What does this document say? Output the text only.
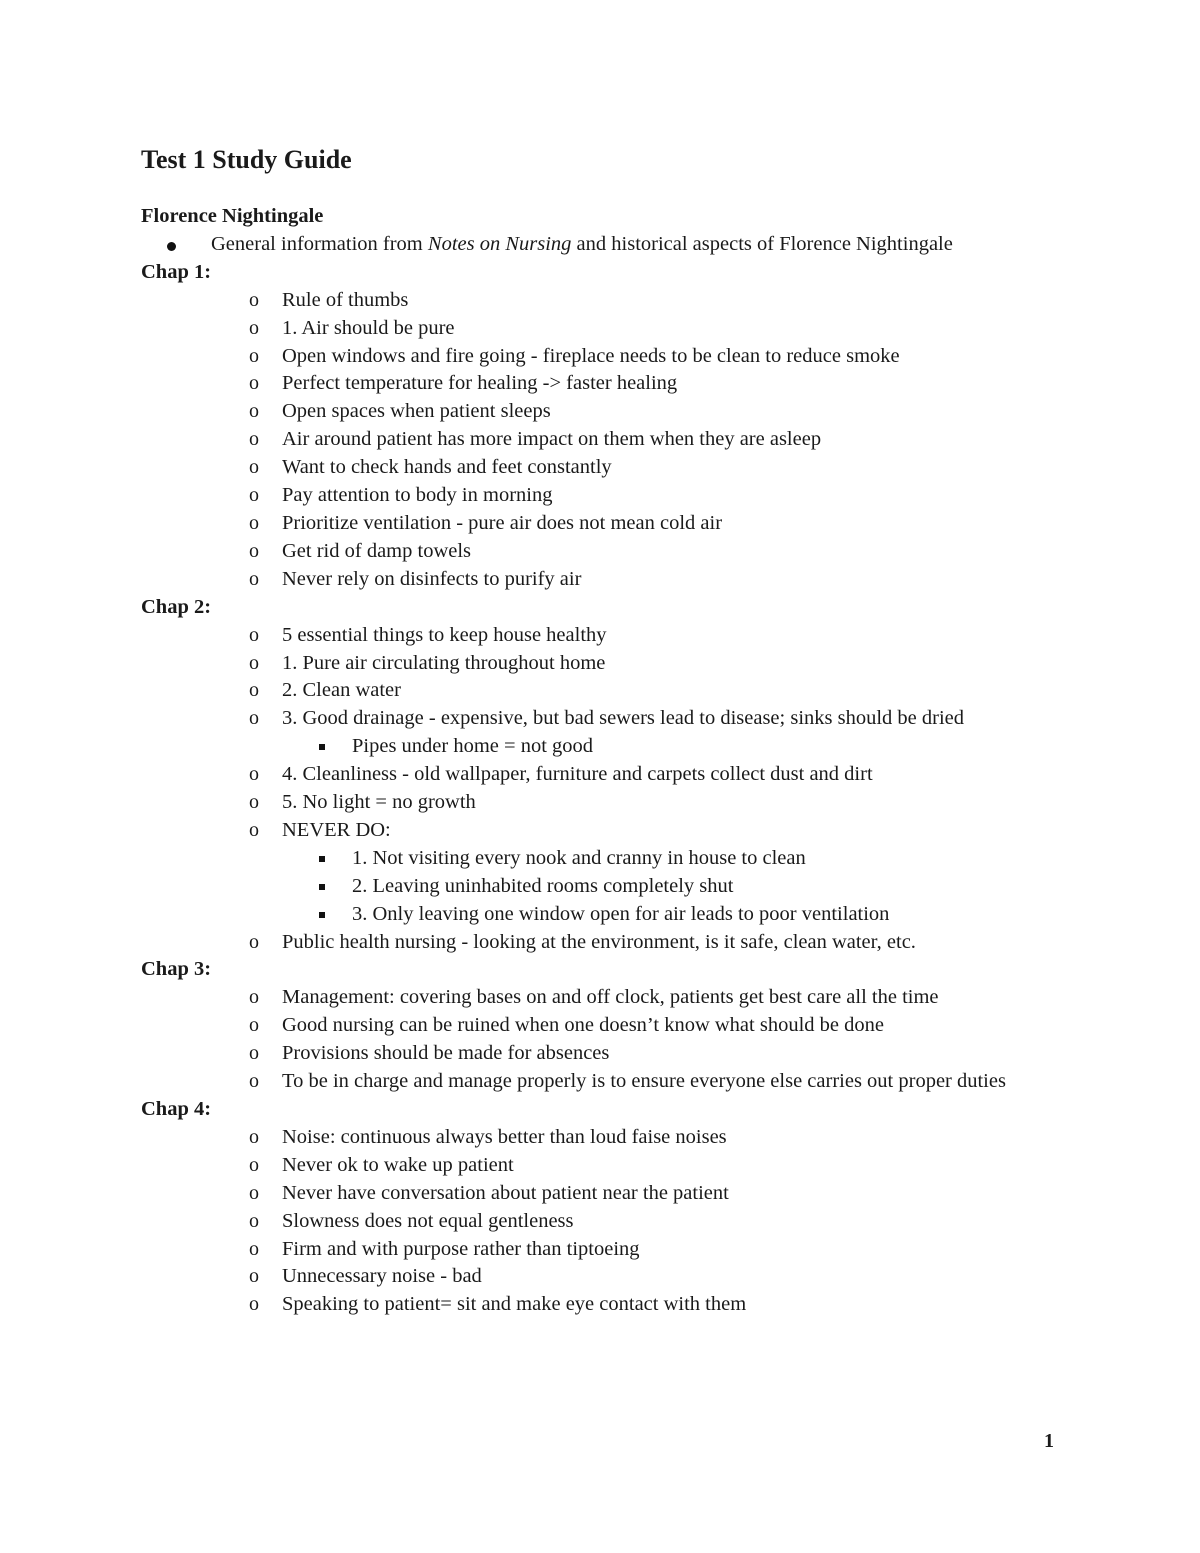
Test 1 Study Guide
Florence Nightingale
General information from Notes on Nursing and historical aspects of Florence Nightingale
Chap 1:
o Rule of thumbs
o 1. Air should be pure
o Open windows and fire going - fireplace needs to be clean to reduce smoke
o Perfect temperature for healing -> faster healing
o Open spaces when patient sleeps
o Air around patient has more impact on them when they are asleep
o Want to check hands and feet constantly
o Pay attention to body in morning
o Prioritize ventilation - pure air does not mean cold air
o Get rid of damp towels
o Never rely on disinfects to purify air
Chap 2:
o 5 essential things to keep house healthy
o 1. Pure air circulating throughout home
o 2. Clean water
o 3. Good drainage - expensive, but bad sewers lead to disease; sinks should be dried
Pipes under home = not good
o 4. Cleanliness - old wallpaper, furniture and carpets collect dust and dirt
o 5. No light = no growth
o NEVER DO:
1. Not visiting every nook and cranny in house to clean
2. Leaving uninhabited rooms completely shut
3. Only leaving one window open for air leads to poor ventilation
o Public health nursing - looking at the environment, is it safe, clean water, etc.
Chap 3:
o Management: covering bases on and off clock, patients get best care all the time
o Good nursing can be ruined when one doesn’t know what should be done
o Provisions should be made for absences
o To be in charge and manage properly is to ensure everyone else carries out proper duties
Chap 4:
o Noise: continuous always better than loud faise noises
o Never ok to wake up patient
o Never have conversation about patient near the patient
o Slowness does not equal gentleness
o Firm and with purpose rather than tiptoeing
o Unnecessary noise - bad
o Speaking to patient= sit and make eye contact with them
1
